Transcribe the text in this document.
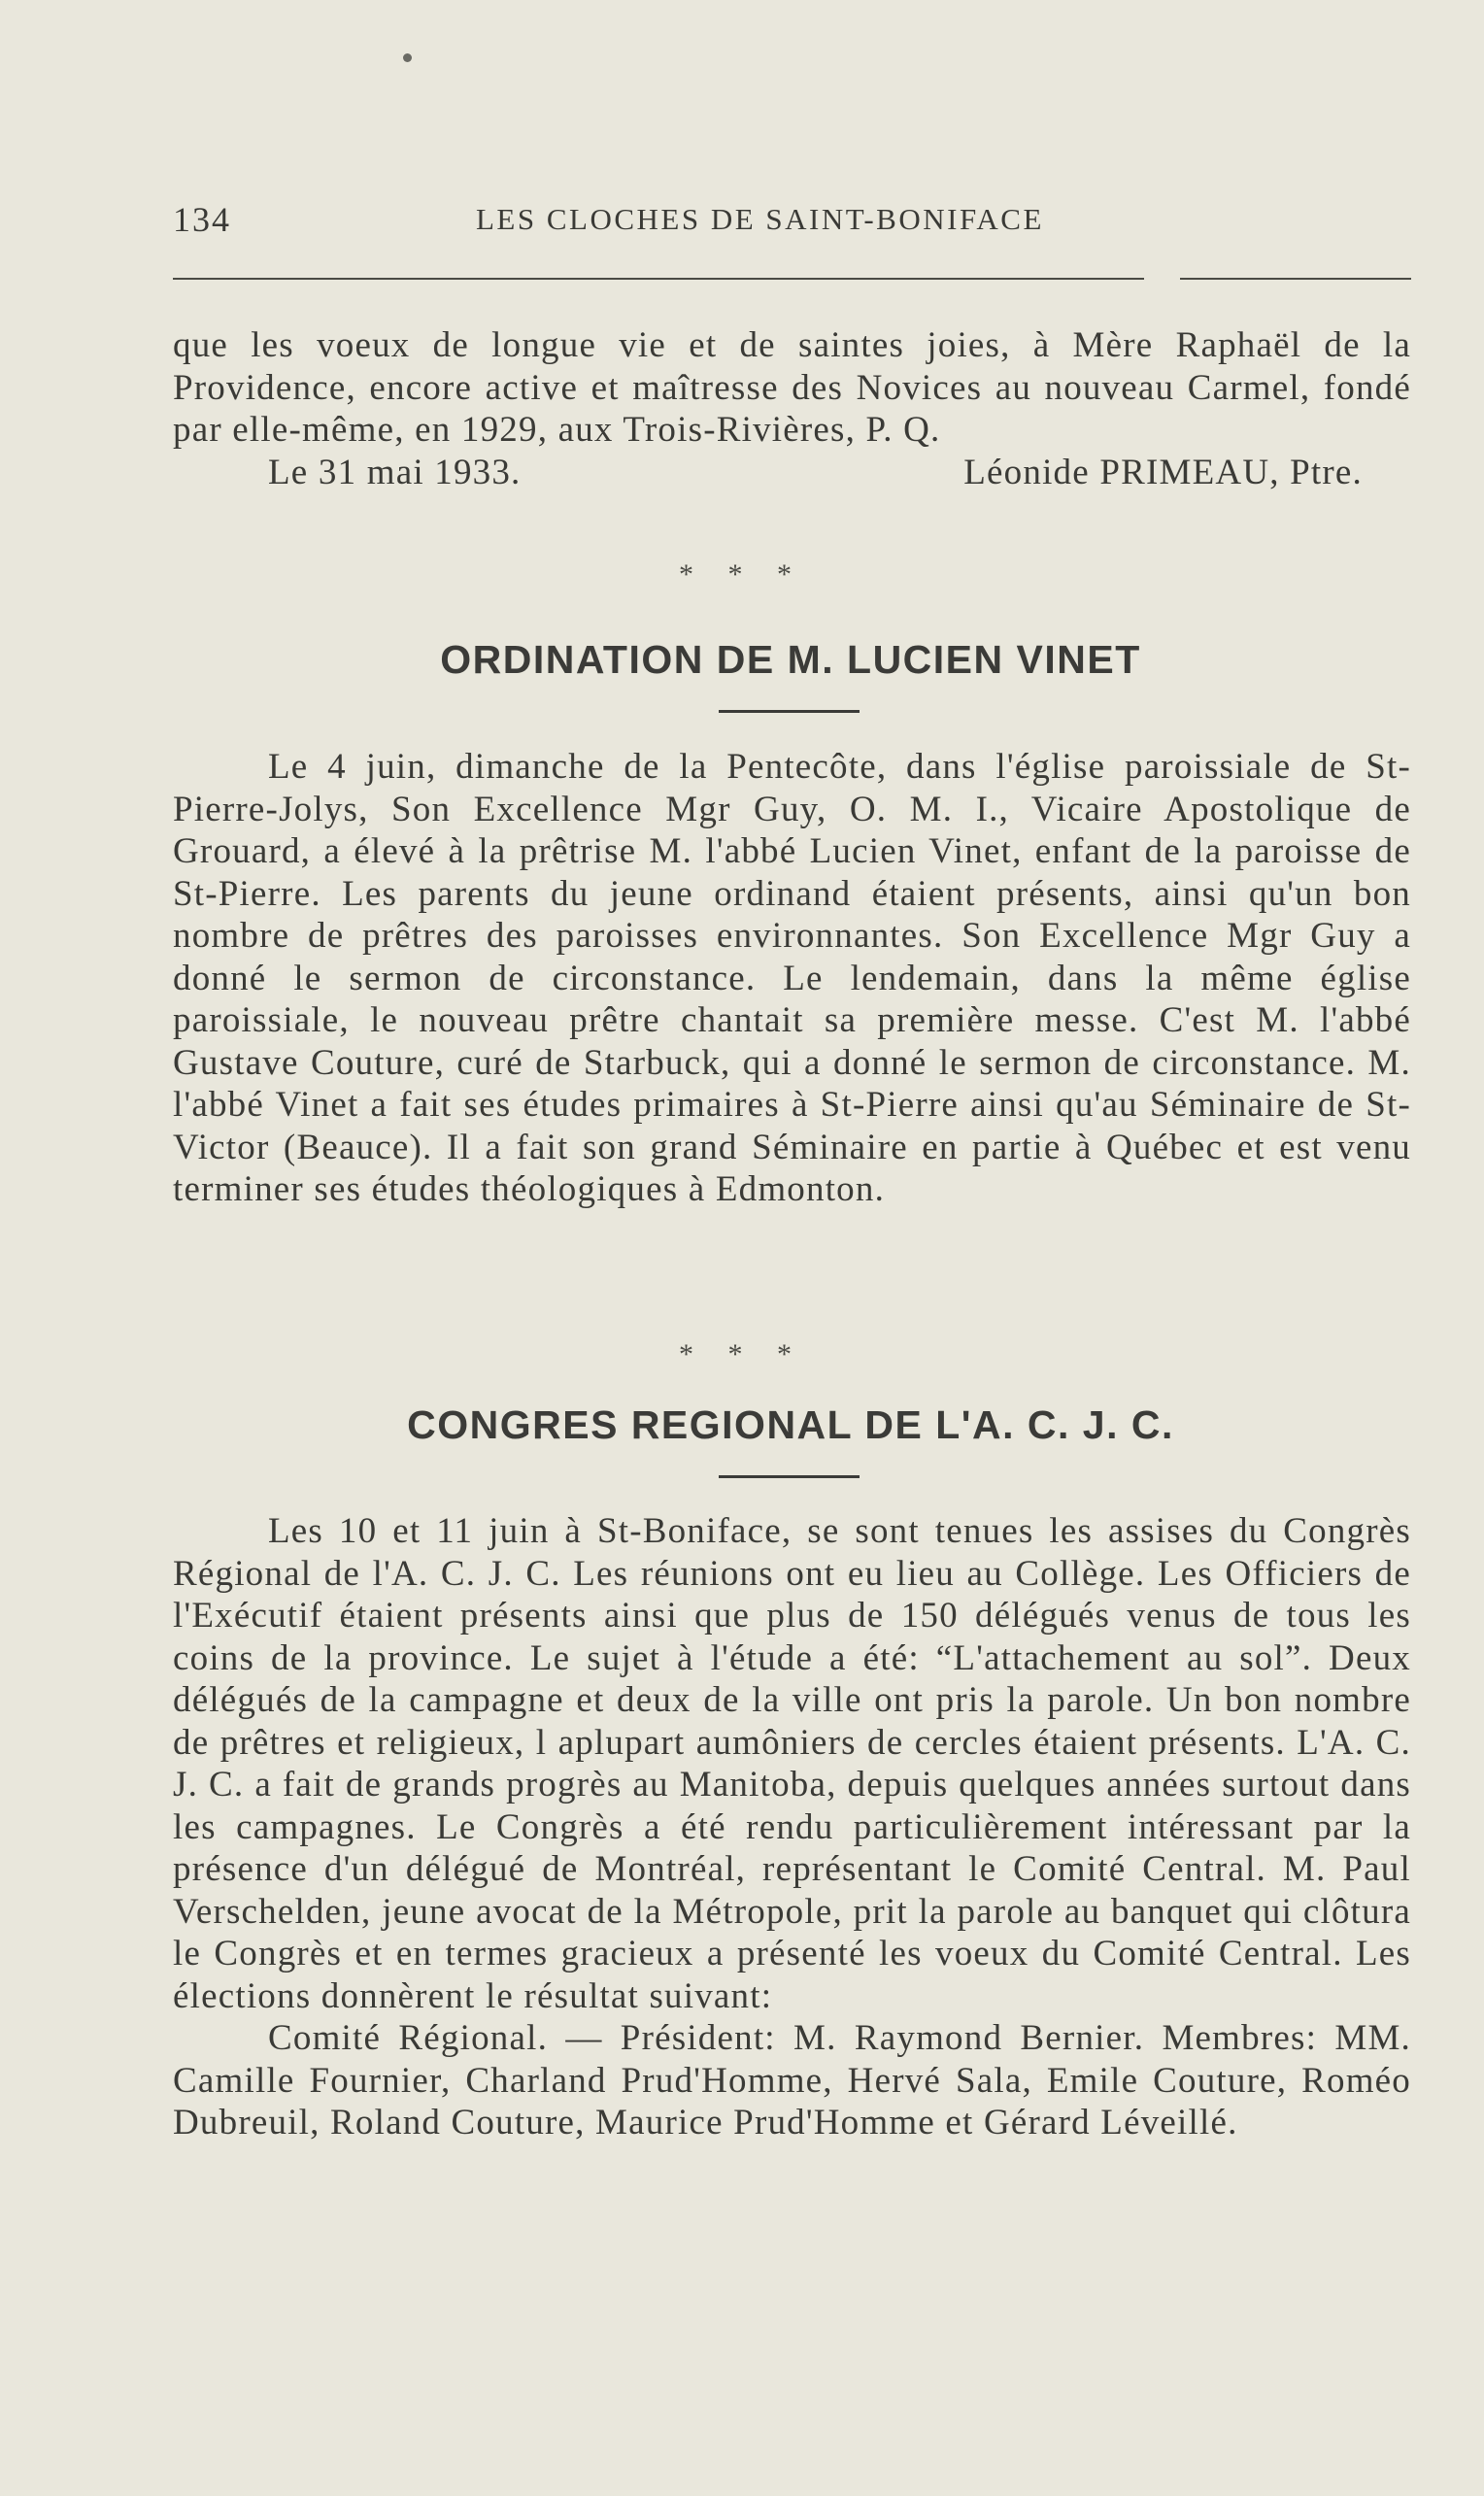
134	LES CLOCHES DE SAINT-BONIFACE

que les voeux de longue vie et de saintes joies, à Mère Raphaël de la Providence, encore active et maîtresse des Novices au nouveau Carmel, fondé par elle-même, en 1929, aux Trois-Rivières, P. Q.

Le 31 mai 1933.	Léonide PRIMEAU, Ptre.
* * *
ORDINATION DE M. LUCIEN VINET

Le 4 juin, dimanche de la Pentecôte, dans l'église paroissiale de St-Pierre-Jolys, Son Excellence Mgr Guy, O. M. I., Vicaire Apostolique de Grouard, a élevé à la prêtrise M. l'abbé Lucien Vinet, enfant de la paroisse de St-Pierre. Les parents du jeune ordinand étaient présents, ainsi qu'un bon nombre de prêtres des paroisses environnantes. Son Excellence Mgr Guy a donné le sermon de circonstance. Le lendemain, dans la même église paroissiale, le nouveau prêtre chantait sa première messe. C'est M. l'abbé Gustave Couture, curé de Starbuck, qui a donné le sermon de circonstance. M. l'abbé Vinet a fait ses études primaires à St-Pierre ainsi qu'au Séminaire de St-Victor (Beauce). Il a fait son grand Séminaire en partie à Québec et est venu terminer ses études théologiques à Edmonton.

* * *
CONGRES REGIONAL DE L'A. C. J. C.

Les 10 et 11 juin à St-Boniface, se sont tenues les assises du Congrès Régional de l'A. C. J. C. Les réunions ont eu lieu au Collège. Les Officiers de l'Exécutif étaient présents ainsi que plus de 150 délégués venus de tous les coins de la province. Le sujet à l'étude a été: “L'attachement au sol”. Deux délégués de la campagne et deux de la ville ont pris la parole. Un bon nombre de prêtres et religieux, l aplupart aumôniers de cercles étaient présents. L'A. C. J. C. a fait de grands progrès au Manitoba, depuis quelques années surtout dans les campagnes. Le Congrès a été rendu particulièrement intéressant par la présence d'un délégué de Montréal, représentant le Comité Central. M. Paul Verschelden, jeune avocat de la Métropole, prit la parole au banquet qui clôtura le Congrès et en termes gracieux a présenté les voeux du Comité Central. Les élections donnèrent le résultat suivant:

Comité Régional. — Président: M. Raymond Bernier. Membres: MM. Camille Fournier, Charland Prud'Homme, Hervé Sala, Emile Couture, Roméo Dubreuil, Roland Couture, Maurice Prud'Homme et Gérard Léveillé.
